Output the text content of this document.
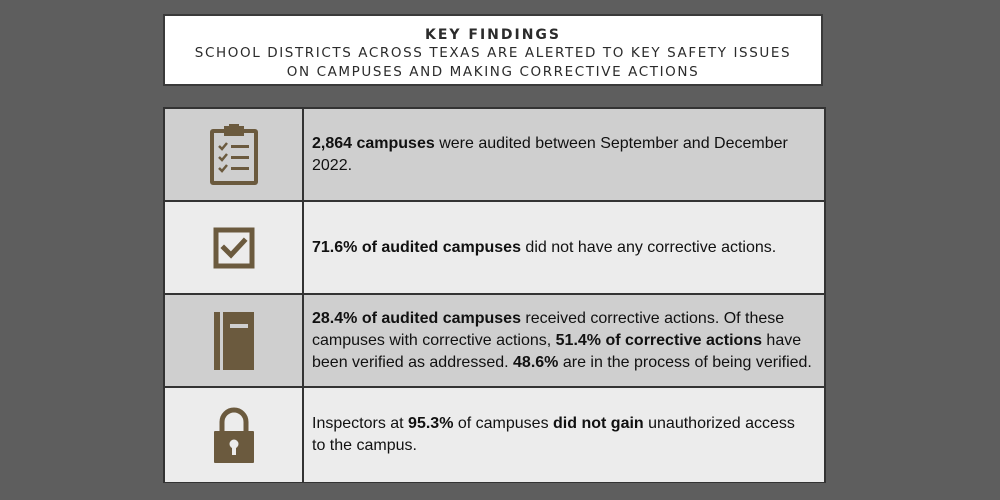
KEY FINDINGS
SCHOOL DISTRICTS ACROSS TEXAS ARE ALERTED TO KEY SAFETY ISSUES
ON CAMPUSES AND MAKING CORRECTIVE ACTIONS
2,864 campuses were audited between September and December 2022.
71.6% of audited campuses did not have any corrective actions.
28.4% of audited campuses received corrective actions. Of these campuses with corrective actions, 51.4% of corrective actions have been verified as addressed. 48.6% are in the process of being verified.
Inspectors at 95.3% of campuses did not gain unauthorized access to the campus.
